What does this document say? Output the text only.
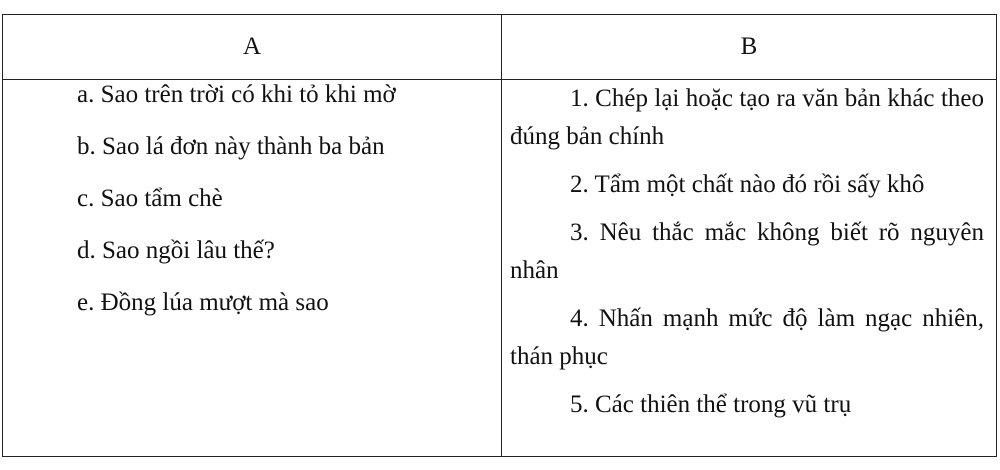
A	B
a. Sao trên trời có khi tỏ khi mờ
b. Sao lá đơn này thành ba bản
c. Sao tẩm chè
d. Sao ngồi lâu thế?
e. Đồng lúa mượt mà sao
1. Chép lại hoặc tạo ra văn bản khác theo đúng bản chính
2. Tẩm một chất nào đó rồi sấy khô
3. Nêu thắc mắc không biết rõ nguyên nhân
4. Nhấn mạnh mức độ làm ngạc nhiên, thán phục
5. Các thiên thể trong vũ trụ
